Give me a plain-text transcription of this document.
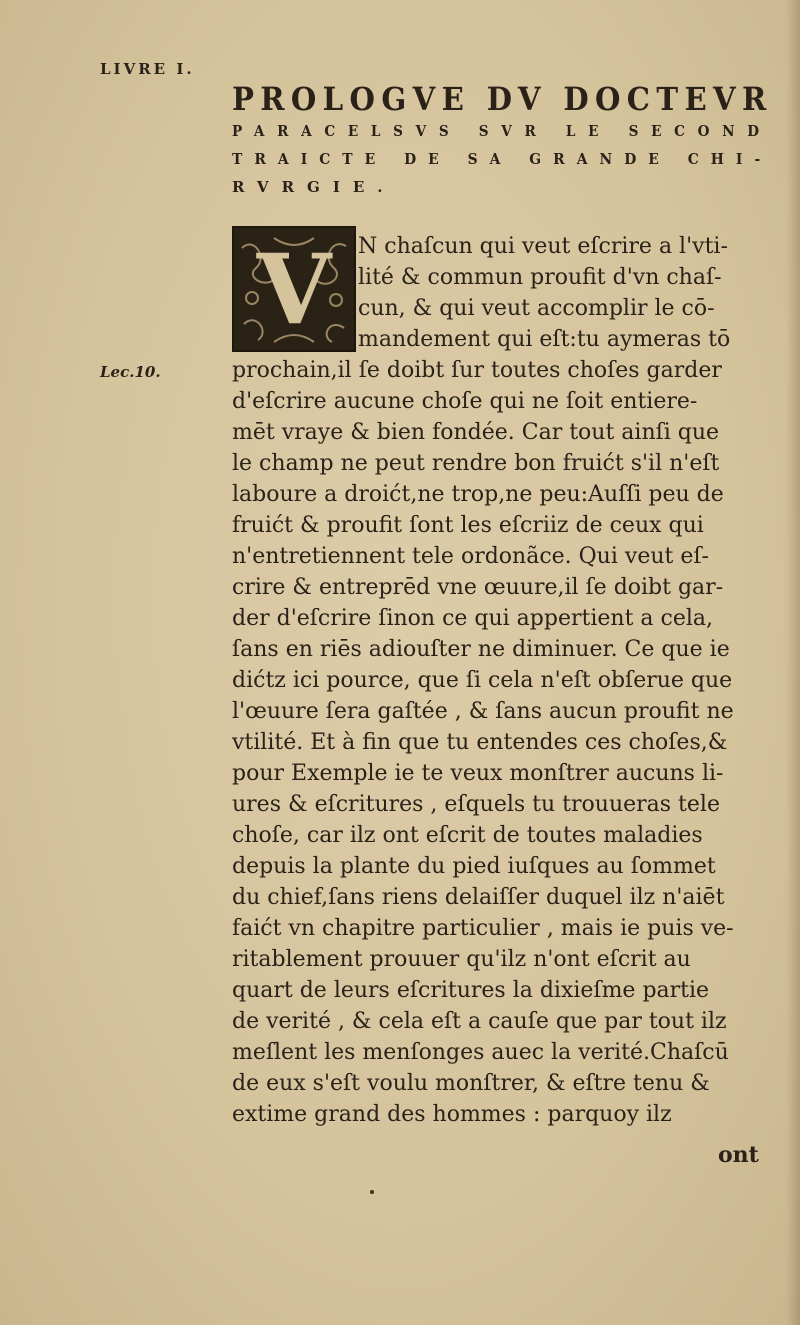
LIVRE I.
PROLOGVE DV DOCTEVR
PARACELSVS SVR LE SECOND
TRAICTE DE SA GRANDE CHI-
RVRGIE.
V
Lec.10.
N chaſcun qui veut eſcrire a l'vti-
lité & commun proufit d'vn chaſ-
cun, & qui veut accomplir le cō-
mandement qui eſt:tu aymeras tō
prochain,il ſe doibt ſur toutes choſes garder
d'eſcrire aucune choſe qui ne ſoit entiere-
mēt vraye & bien fondée. Car tout ainſi que
le champ ne peut rendre bon fruićt s'il n'eſt
laboure a droićt,ne trop,ne peu:Auſſi peu de
fruićt & proufit ſont les eſcriiz de ceux qui
n'entretiennent tele ordonãce. Qui veut eſ-
crire & entreprēd vne œuure,il ſe doibt gar-
der d'eſcrire ſinon ce qui appertient a cela,
ſans en riēs adiouſter ne diminuer. Ce que ie
dićtz ici pource, que ſi cela n'eſt obſerue que
l'œuure ſera gaſtée , & ſans aucun proufit ne
vtilité. Et à fin que tu entendes ces choſes,&
pour Exemple ie te veux monſtrer aucuns li-
ures & eſcritures , eſquels tu trouueras tele
choſe, car ilz ont eſcrit de toutes maladies
depuis la plante du pied iuſques au ſommet
du chief,ſans riens delaiſſer duquel ilz n'aiēt
faićt vn chapitre particulier , mais ie puis ve-
ritablement prouuer qu'ilz n'ont eſcrit au
quart de leurs eſcritures la dixieſme partie
de verité , & cela eſt a cauſe que par tout ilz
meſlent les menſonges auec la verité.Chaſcū
de eux s'eſt voulu monſtrer, & eſtre tenu &
extime grand des hommes : parquoy ilz
ont
